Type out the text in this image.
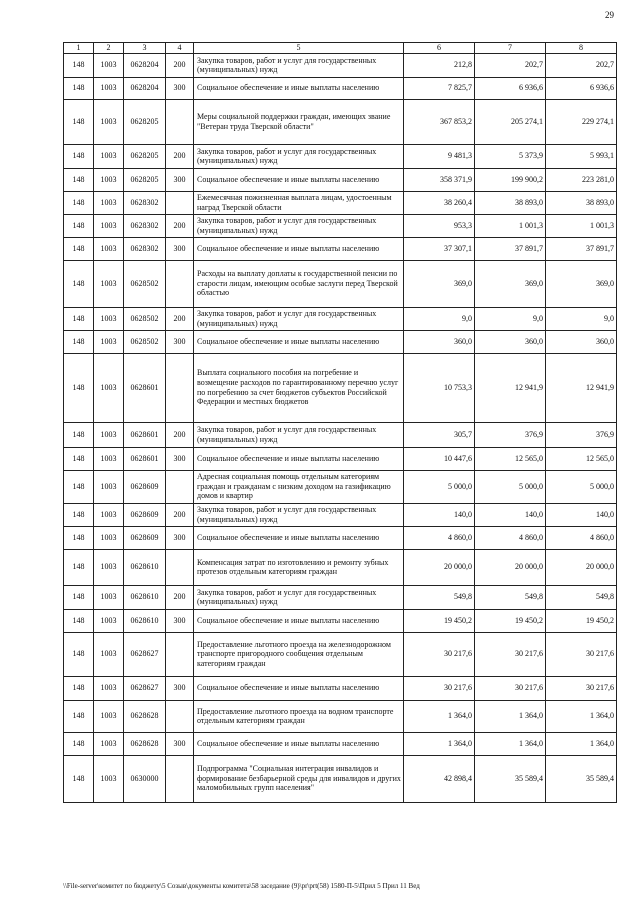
29
1	2	3	4	5	6	7	8
148	1003	0628204	200	Закупка товаров, работ и услуг для государственных (муниципальных) нужд	212,8	202,7	202,7
148	1003	0628204	300	Социальное обеспечение и иные выплаты населению	7 825,7	6 936,6	6 936,6
148	1003	0628205		Меры социальной поддержки граждан, имеющих звание "Ветеран труда Тверской области"	367 853,2	205 274,1	229 274,1
148	1003	0628205	200	Закупка товаров, работ и услуг для государственных (муниципальных) нужд	9 481,3	5 373,9	5 993,1
148	1003	0628205	300	Социальное обеспечение и иные выплаты населению	358 371,9	199 900,2	223 281,0
148	1003	0628302		Ежемесячная пожизненная выплата лицам, удостоенным наград Тверской области	38 260,4	38 893,0	38 893,0
148	1003	0628302	200	Закупка товаров, работ и услуг для государственных (муниципальных) нужд	953,3	1 001,3	1 001,3
148	1003	0628302	300	Социальное обеспечение и иные выплаты населению	37 307,1	37 891,7	37 891,7
148	1003	0628502		Расходы на выплату доплаты к государственной пенсии по старости лицам, имеющим особые заслуги перед Тверской областью	369,0	369,0	369,0
148	1003	0628502	200	Закупка товаров, работ и услуг для государственных (муниципальных) нужд	9,0	9,0	9,0
148	1003	0628502	300	Социальное обеспечение и иные выплаты населению	360,0	360,0	360,0
148	1003	0628601		Выплата социального пособия на погребение и возмещение расходов по гарантированному перечню услуг по погребению за счет бюджетов субъектов Российской Федерации и местных бюджетов	10 753,3	12 941,9	12 941,9
148	1003	0628601	200	Закупка товаров, работ и услуг для государственных (муниципальных) нужд	305,7	376,9	376,9
148	1003	0628601	300	Социальное обеспечение и иные выплаты населению	10 447,6	12 565,0	12 565,0
148	1003	0628609		Адресная социальная помощь отдельным категориям граждан и гражданам с низким доходом на газификацию домов и квартир	5 000,0	5 000,0	5 000,0
148	1003	0628609	200	Закупка товаров, работ и услуг для государственных (муниципальных) нужд	140,0	140,0	140,0
148	1003	0628609	300	Социальное обеспечение и иные выплаты населению	4 860,0	4 860,0	4 860,0
148	1003	0628610		Компенсация затрат по изготовлению и ремонту зубных протезов отдельным категориям граждан	20 000,0	20 000,0	20 000,0
148	1003	0628610	200	Закупка товаров, работ и услуг для государственных (муниципальных) нужд	549,8	549,8	549,8
148	1003	0628610	300	Социальное обеспечение и иные выплаты населению	19 450,2	19 450,2	19 450,2
148	1003	0628627		Предоставление льготного проезда на железнодорожном транспорте пригородного сообщения отдельным категориям граждан	30 217,6	30 217,6	30 217,6
148	1003	0628627	300	Социальное обеспечение и иные выплаты населению	30 217,6	30 217,6	30 217,6
148	1003	0628628		Предоставление льготного проезда на водном транспорте отдельным категориям граждан	1 364,0	1 364,0	1 364,0
148	1003	0628628	300	Социальное обеспечение и иные выплаты населению	1 364,0	1 364,0	1 364,0
148	1003	0630000		Подпрограмма "Социальная интеграция инвалидов и формирование безбарьерной среды для инвалидов и других маломобильных групп населения"	42 898,4	35 589,4	35 589,4
\\File-server\комитет по бюджету\5 Созыв\документы комитета\58 заседание (9)\pr\prt(58) 1580-П-5\Прил 5 Прил 11 Вед
